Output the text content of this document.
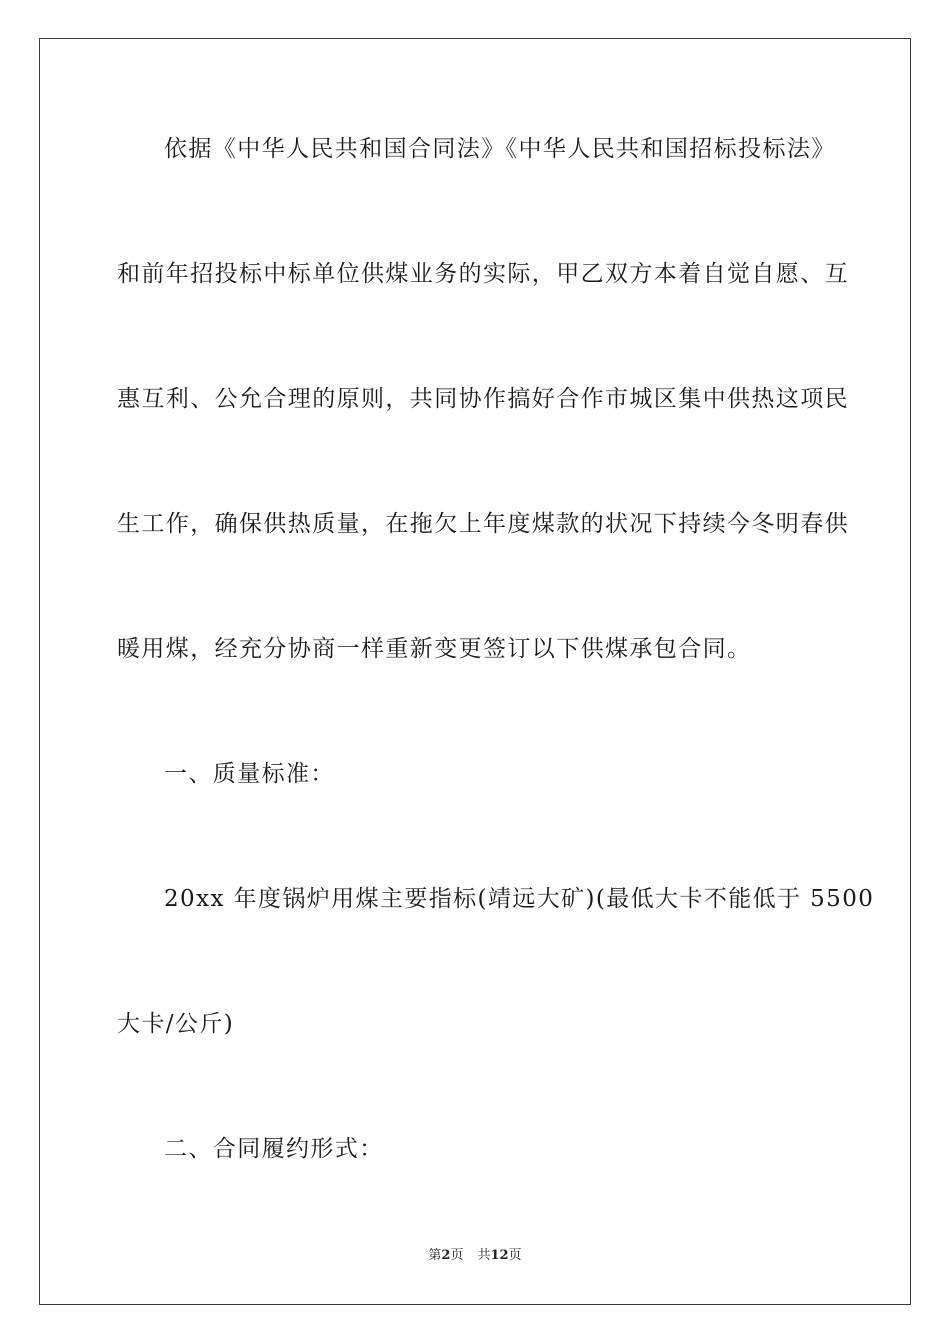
依据《中华人民共和国合同法》《中华人民共和国招标投标法》
和前年招投标中标单位供煤业务的实际，甲乙双方本着自觉自愿、互
惠互利、公允合理的原则，共同协作搞好合作市城区集中供热这项民
生工作，确保供热质量，在拖欠上年度煤款的状况下持续今冬明春供
暖用煤，经充分协商一样重新变更签订以下供煤承包合同。
一、质量标准：
20xx 年度锅炉用煤主要指标(靖远大矿)(最低大卡不能低于 5500
大卡/公斤)
二、合同履约形式：
第2页 共12页
